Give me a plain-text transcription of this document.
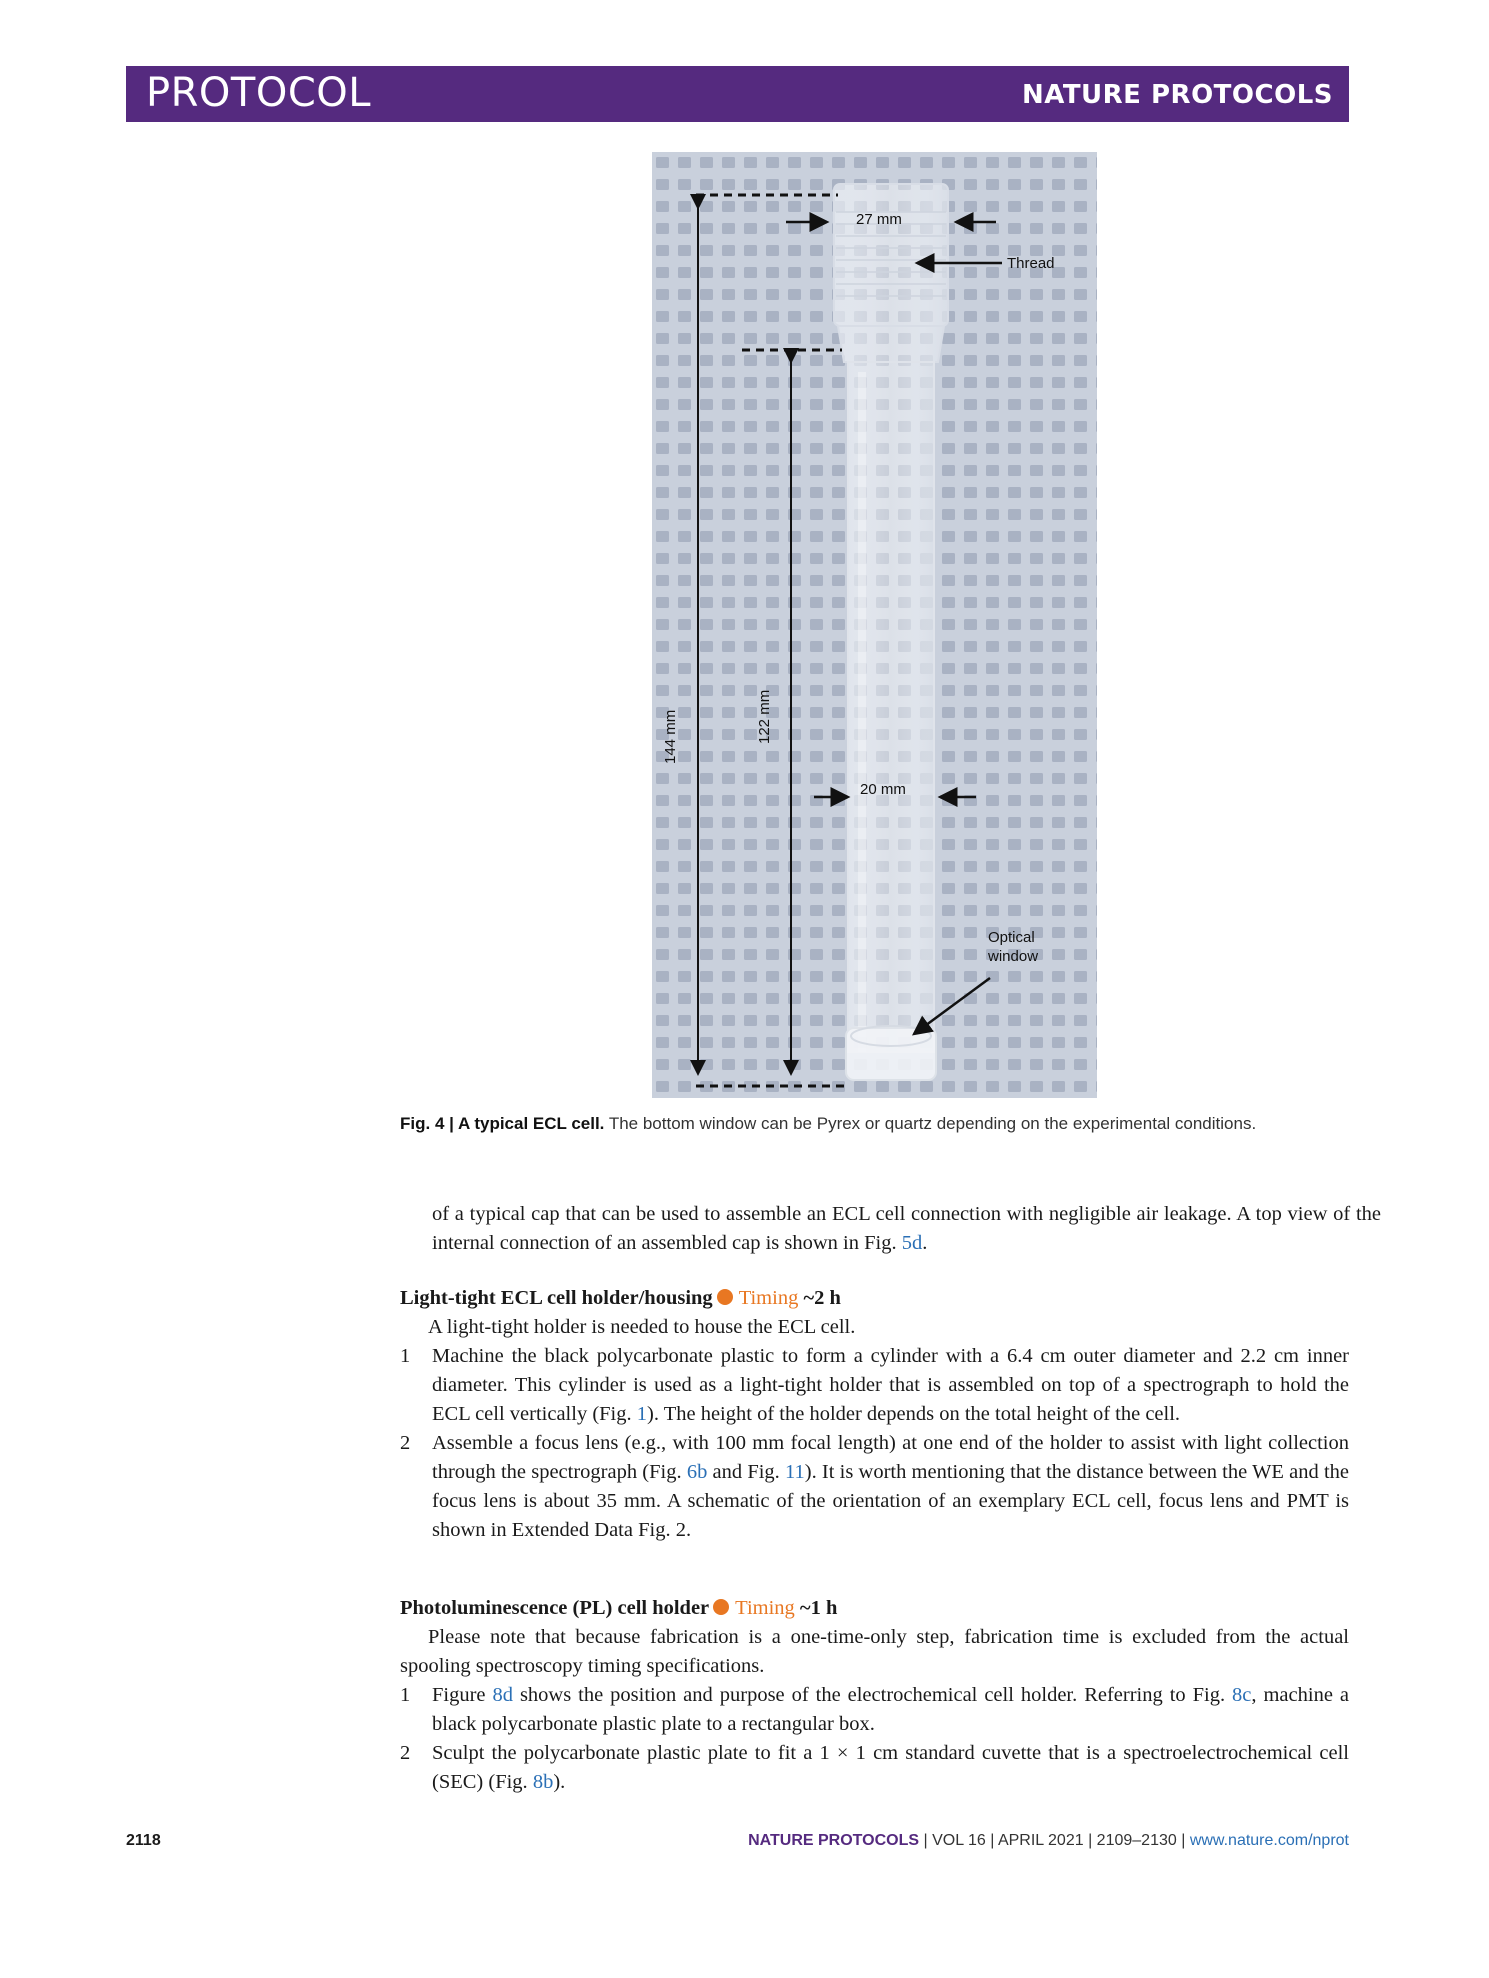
PROTOCOL	NATURE PROTOCOLS
27 mm
Thread
20 mm
Optical
window
144 mm	122 mm
Fig. 4 | A typical ECL cell. The bottom window can be Pyrex or quartz depending on the experimental conditions.
of a typical cap that can be used to assemble an ECL cell connection with negligible air leakage. A top view of the internal connection of an assembled cap is shown in Fig. 5d.
Light-tight ECL cell holder/housing Timing ~2 h
A light-tight holder is needed to house the ECL cell.
1 Machine the black polycarbonate plastic to form a cylinder with a 6.4 cm outer diameter and 2.2 cm inner diameter. This cylinder is used as a light-tight holder that is assembled on top of a spectrograph to hold the ECL cell vertically (Fig. 1). The height of the holder depends on the total height of the cell.
2 Assemble a focus lens (e.g., with 100 mm focal length) at one end of the holder to assist with light collection through the spectrograph (Fig. 6b and Fig. 11). It is worth mentioning that the distance between the WE and the focus lens is about 35 mm. A schematic of the orientation of an exemplary ECL cell, focus lens and PMT is shown in Extended Data Fig. 2.
Photoluminescence (PL) cell holder Timing ~1 h
Please note that because fabrication is a one-time-only step, fabrication time is excluded from the actual spooling spectroscopy timing specifications.
1 Figure 8d shows the position and purpose of the electrochemical cell holder. Referring to Fig. 8c, machine a black polycarbonate plastic plate to a rectangular box.
2 Sculpt the polycarbonate plastic plate to fit a 1 × 1 cm standard cuvette that is a spectroelectrochemical cell (SEC) (Fig. 8b).
2118	NATURE PROTOCOLS | VOL 16 | APRIL 2021 | 2109–2130 | www.nature.com/nprot
